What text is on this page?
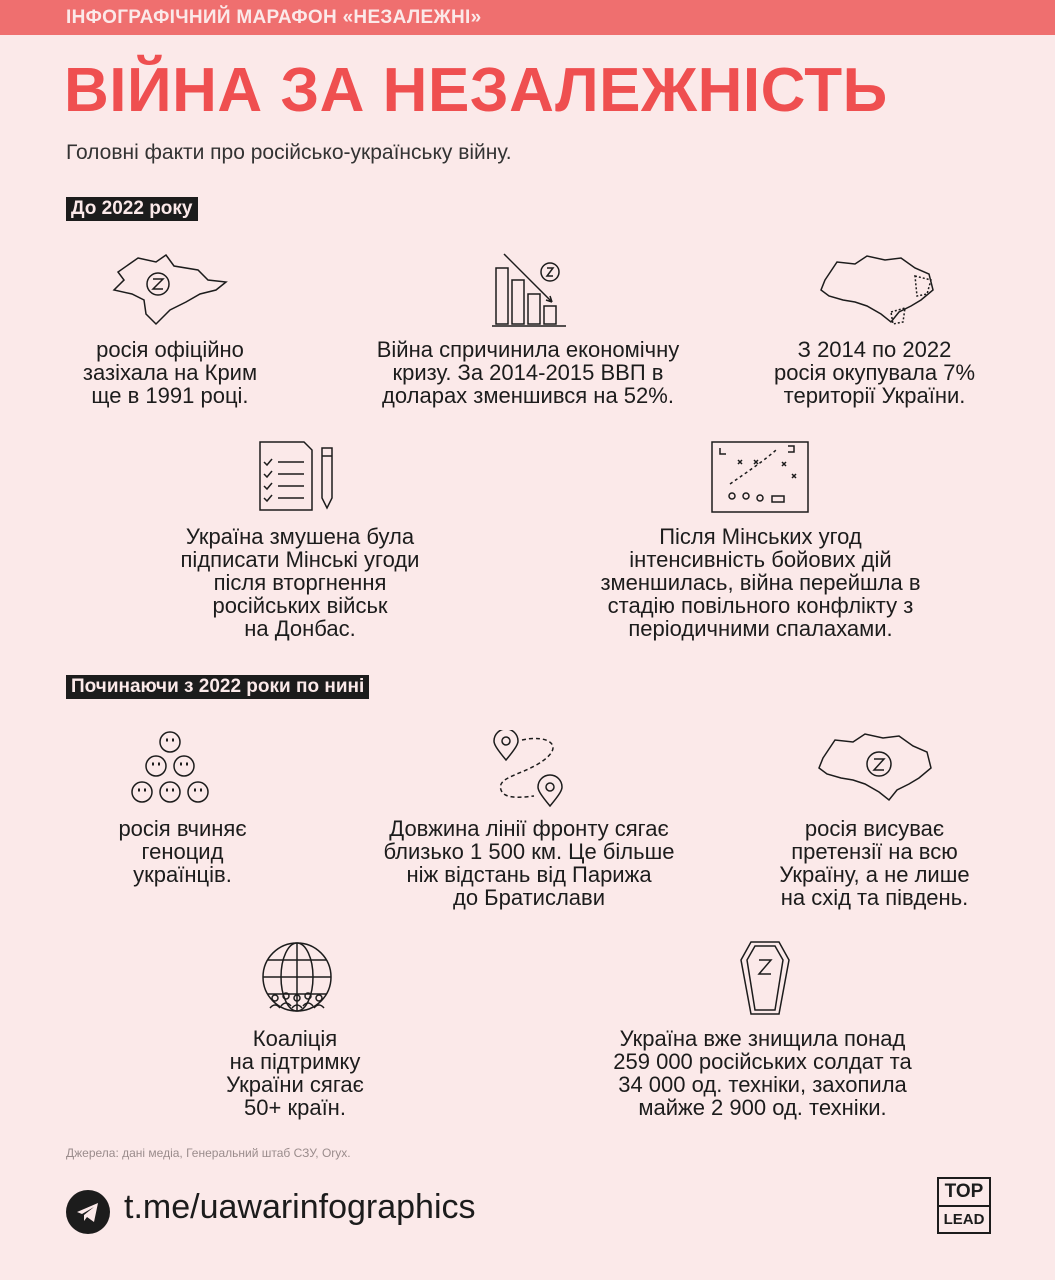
ІНФОГРАФІЧНИЙ МАРАФОН «НЕЗАЛЕЖНІ»
ВІЙНА ЗА НЕЗАЛЕЖНІСТЬ
Головні факти про російсько-українську війну.
До 2022 року
росія офіційно
зазіхала на Крим
ще в 1991 році.
Війна спричинила економічну
кризу. За 2014-2015 ВВП в
доларах зменшився на 52%.
З 2014 по 2022
росія окупувала 7%
території України.
Україна змушена була
підписати Мінські угоди
після вторгнення
російських військ
на Донбас.
Після Мінських угод
інтенсивність бойових дій
зменшилась, війна перейшла в
стадію повільного конфлікту з
періодичними спалахами.
Починаючи з 2022 роки по нині
росія вчиняє
геноцид
українців.
Довжина лінії фронту сягає
близько 1 500 км. Це більше
ніж відстань від Парижа
до Братислави
росія висуває
претензії на всю
Україну, а не лише
на схід та південь.
Коаліція
на підтримку
України сягає
50+ країн.
Україна вже знищила понад
259 000 російських солдат та
34 000 од. техніки, захопила
майже 2 900 од. техніки.
Джерела: дані медіа, Генеральний штаб СЗУ, Oryx.
t.me/uawarinfographics	TOP
LEAD
